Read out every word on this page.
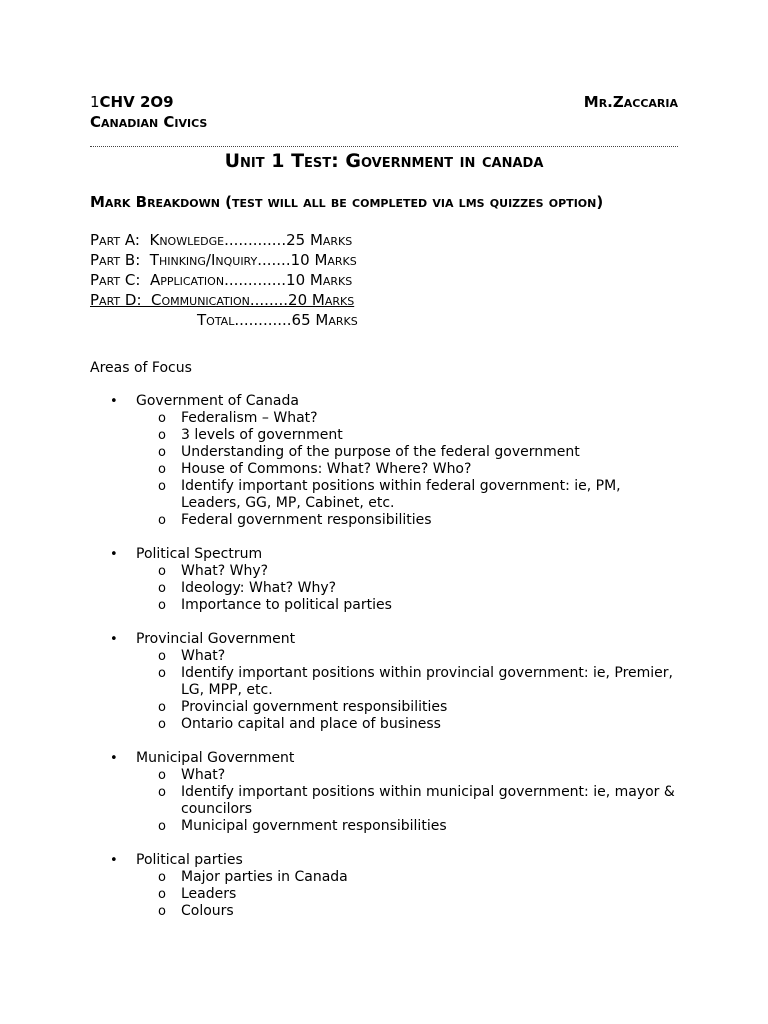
1CHV 2O9	Mr.Zaccaria
Canadian Civics
Unit 1 Test: Government in canada
Mark Breakdown (test will all be completed via lms quizzes option)
Part A:  Knowledge.............25 Marks
Part B:  Thinking/Inquiry.......10 Marks
Part C:  Application.............10 Marks
Part D:  Communication........20 Marks
Total............65 Marks
Areas of Focus
• Government of Canada
o Federalism – What?
o 3 levels of government
o Understanding of the purpose of the federal government
o House of Commons: What? Where? Who?
o Identify important positions within federal government: ie, PM, Leaders, GG, MP, Cabinet, etc.
o Federal government responsibilities
• Political Spectrum
o What? Why?
o Ideology: What? Why?
o Importance to political parties
• Provincial Government
o What?
o Identify important positions within provincial government: ie, Premier, LG, MPP, etc.
o Provincial government responsibilities
o Ontario capital and place of business
• Municipal Government
o What?
o Identify important positions within municipal government: ie, mayor & councilors
o Municipal government responsibilities
• Political parties
o Major parties in Canada
o Leaders
o Colours
